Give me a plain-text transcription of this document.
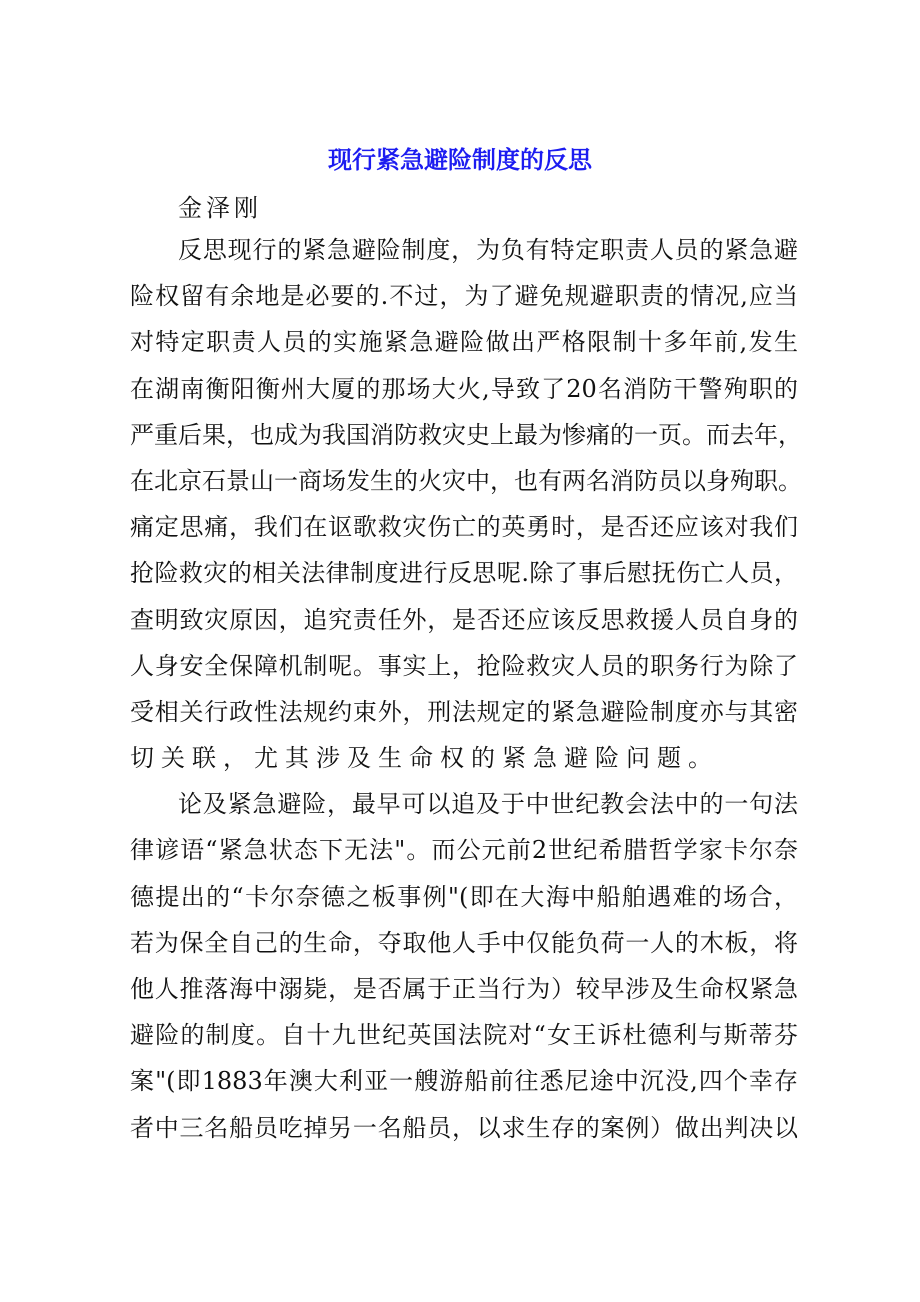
现行紧急避险制度的反思
金泽刚
反思现行的紧急避险制度，为负有特定职责人员的紧急避
险权留有余地是必要的.不过，为了避免规避职责的情况,应当
对特定职责人员的实施紧急避险做出严格限制十多年前,发生
在湖南衡阳衡州大厦的那场大火,导致了20名消防干警殉职的
严重后果，也成为我国消防救灾史上最为惨痛的一页。而去年，
在北京石景山一商场发生的火灾中，也有两名消防员以身殉职。
痛定思痛，我们在讴歌救灾伤亡的英勇时，是否还应该对我们
抢险救灾的相关法律制度进行反思呢.除了事后慰抚伤亡人员，
查明致灾原因，追究责任外，是否还应该反思救援人员自身的
人身安全保障机制呢。事实上，抢险救灾人员的职务行为除了
受相关行政性法规约束外，刑法规定的紧急避险制度亦与其密
切关联，尤其涉及生命权的紧急避险问题。
论及紧急避险，最早可以追及于中世纪教会法中的一句法
律谚语“紧急状态下无法"。而公元前2世纪希腊哲学家卡尔奈
德提出的“卡尔奈德之板事例"(即在大海中船舶遇难的场合，
若为保全自己的生命，夺取他人手中仅能负荷一人的木板，将
他人推落海中溺毙，是否属于正当行为）较早涉及生命权紧急
避险的制度。自十九世纪英国法院对“女王诉杜德利与斯蒂芬
案"(即1883年澳大利亚一艘游船前往悉尼途中沉没,四个幸存
者中三名船员吃掉另一名船员，以求生存的案例）做出判决以
